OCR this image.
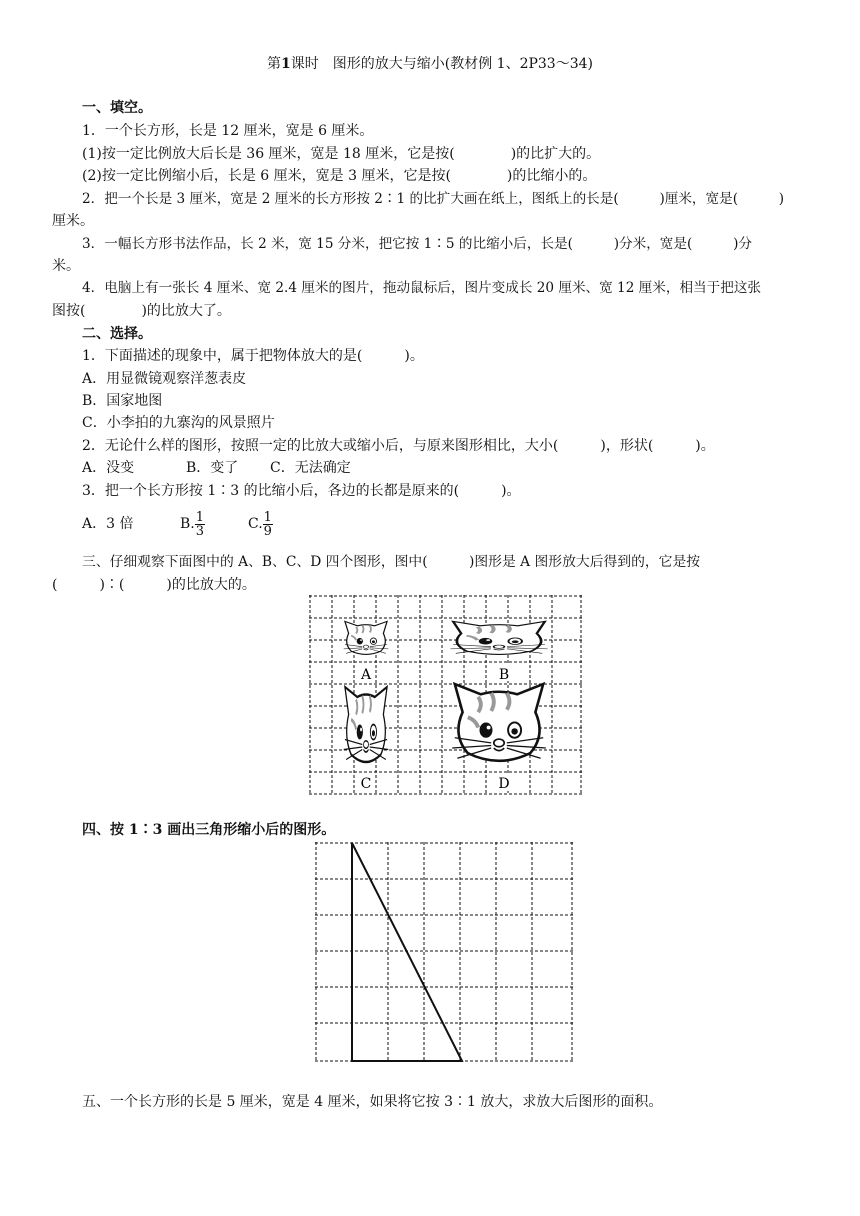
第1课时　图形的放大与缩小(教材例 1、2P33～34)
一、填空。
1．一个长方形，长是 12 厘米，宽是 6 厘米。
(1)按一定比例放大后长是 36 厘米，宽是 18 厘米，它是按(　　　　)的比扩大的。
(2)按一定比例缩小后，长是 6 厘米，宽是 3 厘米，它是按(　　　　)的比缩小的。
2．把一个长是 3 厘米，宽是 2 厘米的长方形按 2∶1 的比扩大画在纸上，图纸上的长是(　　　)厘米，宽是(　　　)
厘米。
3．一幅长方形书法作品，长 2 米，宽 15 分米，把它按 1∶5 的比缩小后，长是(　　　)分米，宽是(　　　)分
米。
4．电脑上有一张长 4 厘米、宽 2.4 厘米的图片，拖动鼠标后，图片变成长 20 厘米、宽 12 厘米，相当于把这张
图按(　　　　)的比放大了。
二、选择。
1．下面描述的现象中，属于把物体放大的是(　　　)。
A．用显微镜观察洋葱表皮
B．国家地图
C．小李拍的九寨沟的风景照片
2．无论什么样的图形，按照一定的比放大或缩小后，与原来图形相比，大小(　　　)，形状(　　　)。
A．没变	B．变了 C．无法确定
3．把一个长方形按 1∶3 的比缩小后，各边的长都是原来的(　　　)。
A．3 倍	B. $\frac{1}{3}$	C. $\frac{1}{9}$
三、仔细观察下面图中的 A、B、C、D 四个图形，图中(　　　)图形是 A 图形放大后得到的，它是按
(　　　)∶(　　　)的比放大的。
A	B
C	D
四、按 1∶3 画出三角形缩小后的图形。
五、一个长方形的长是 5 厘米，宽是 4 厘米，如果将它按 3∶1 放大，求放大后图形的面积。
